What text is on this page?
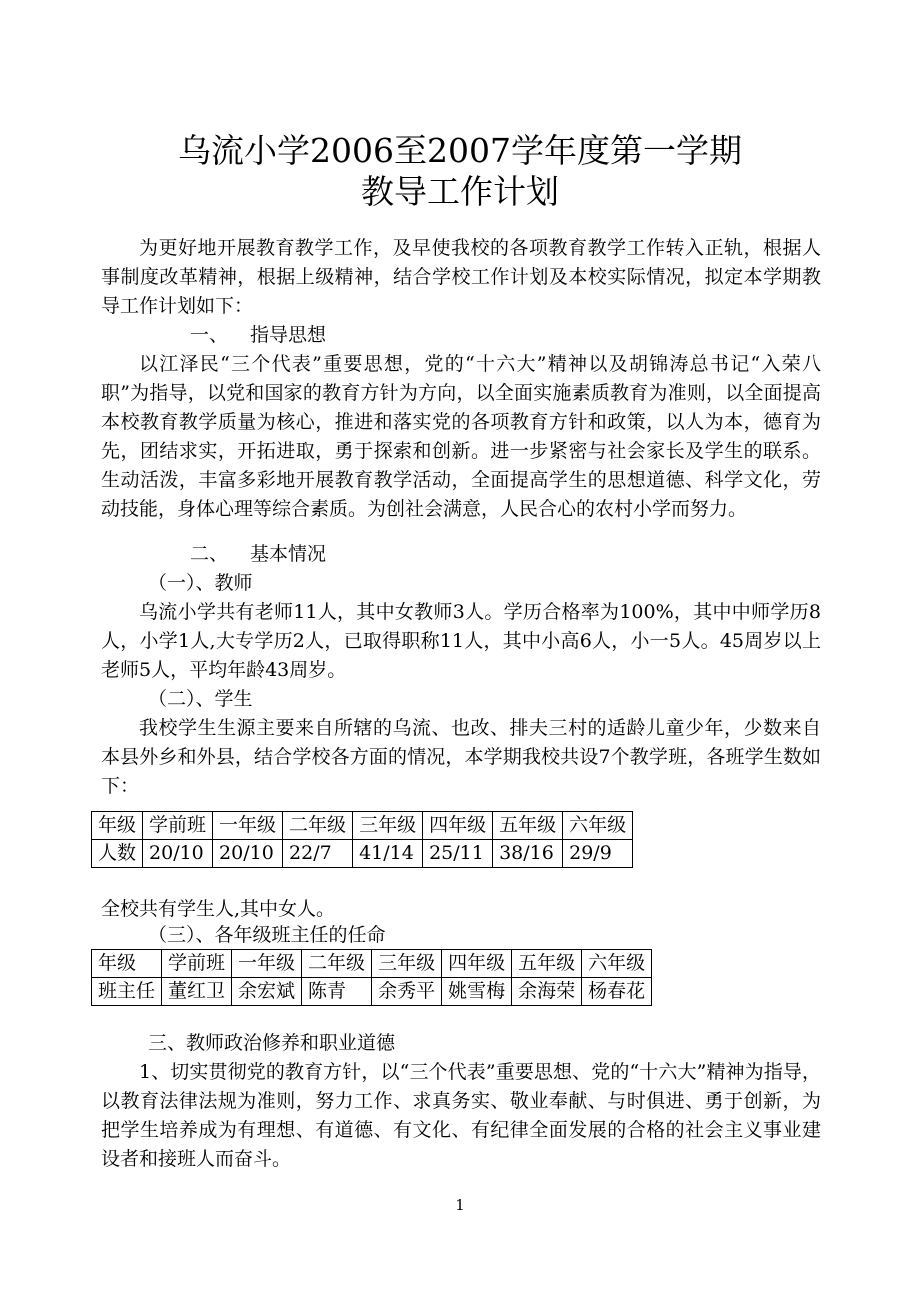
乌流小学2006至2007学年度第一学期
教导工作计划

为更好地开展教育教学工作，及早使我校的各项教育教学工作转入正轨，根据人事制度改革精神，根据上级精神，结合学校工作计划及本校实际情况，拟定本学期教导工作计划如下：

一、 指导思想

以江泽民“三个代表”重要思想，党的“十六大”精神以及胡锦涛总书记“入荣八职”为指导，以党和国家的教育方针为方向，以全面实施素质教育为准则，以全面提高本校教育教学质量为核心，推进和落实党的各项教育方针和政策，以人为本，德育为先，团结求实，开拓进取，勇于探索和创新。进一步紧密与社会家长及学生的联系。生动活泼，丰富多彩地开展教育教学活动，全面提高学生的思想道德、科学文化，劳动技能，身体心理等综合素质。为创社会满意，人民合心的农村小学而努力。

二、 基本情况
（一）、教师

乌流小学共有老师11人，其中女教师3人。学历合格率为100%，其中中师学历8人，小学1人,大专学历2人，已取得职称11人，其中小高6人，小一5人。45周岁以上老师5人，平均年龄43周岁。

（二）、学生

我校学生生源主要来自所辖的乌流、也改、排夫三村的适龄儿童少年，少数来自本县外乡和外县，结合学校各方面的情况，本学期我校共设7个教学班，各班学生数如下：

年级	学前班	一年级	二年级	三年级	四年级	五年级	六年级
人数	20/10	20/10	22/7	41/14	25/11	38/16	29/9
全校共有学生人,其中女人。
（三）、各年级班主任的任命
年级	学前班	一年级	二年级	三年级	四年级	五年级	六年级
班主任	董红卫	余宏斌	陈青	余秀平	姚雪梅	余海荣	杨春花
三、教师政治修养和职业道德

1、切实贯彻党的教育方针，以“三个代表”重要思想、党的“十六大”精神为指导，以教育法律法规为准则，努力工作、求真务实、敬业奉献、与时俱进、勇于创新，为把学生培养成为有理想、有道德、有文化、有纪律全面发展的合格的社会主义事业建设者和接班人而奋斗。

1
